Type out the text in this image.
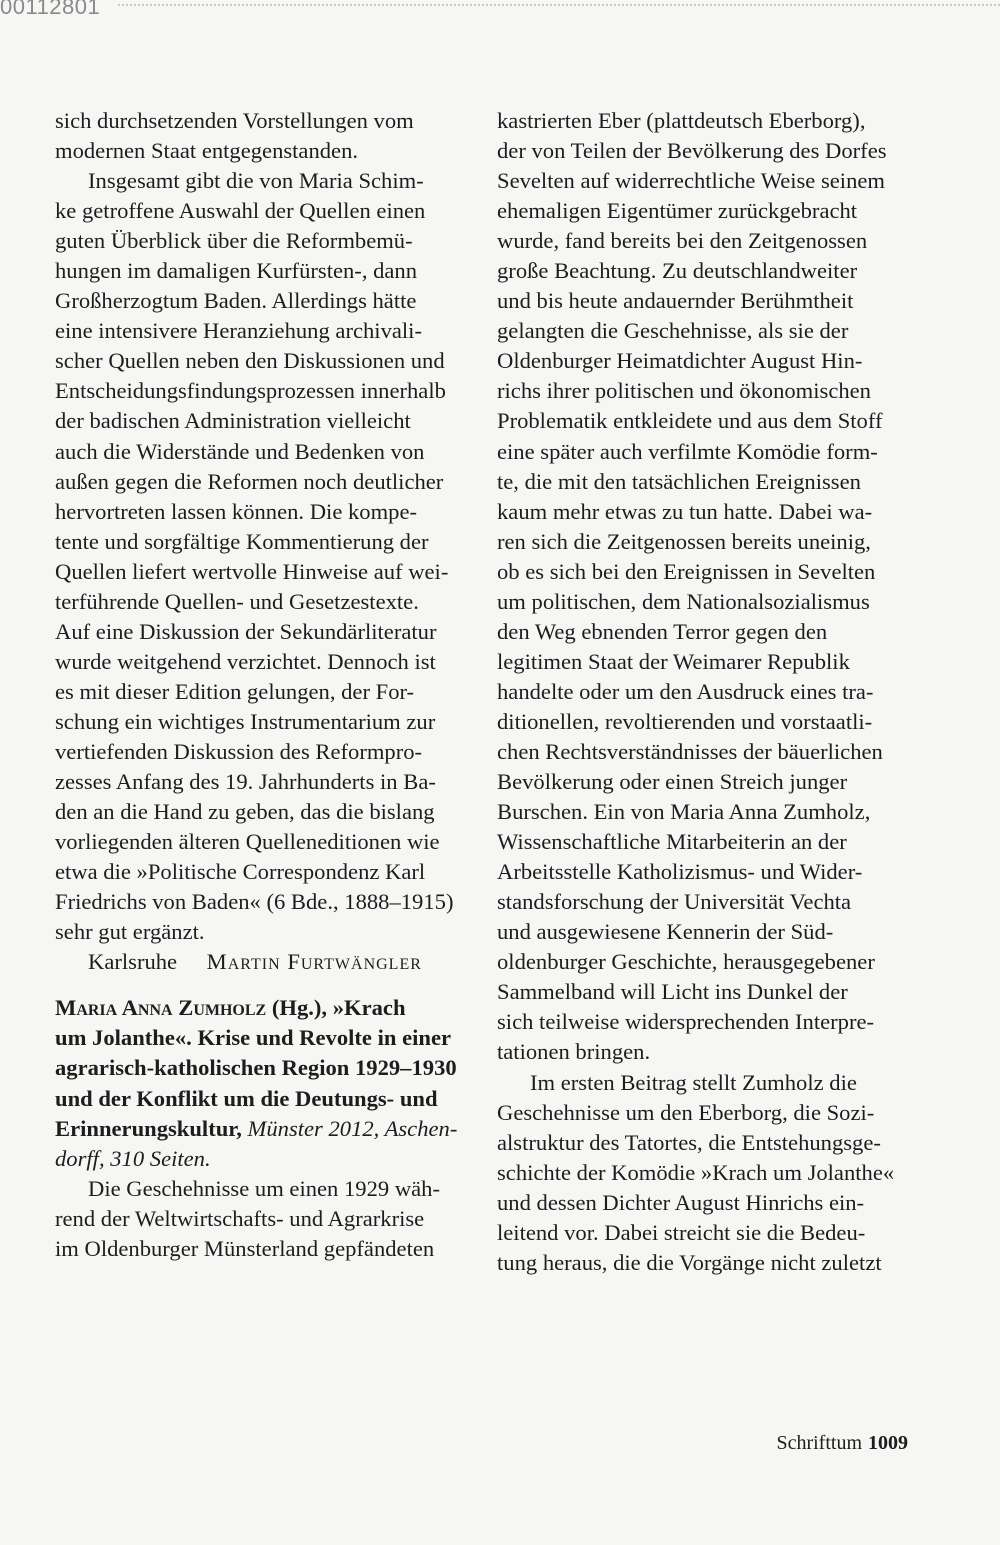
00112801
sich durchsetzenden Vorstellungen vom
modernen Staat entgegenstanden.
Insgesamt gibt die von Maria Schim-
ke getroffene Auswahl der Quellen einen
guten Überblick über die Reformbemü-
hungen im damaligen Kurfürsten-, dann
Großherzogtum Baden. Allerdings hätte
eine intensivere Heranziehung archivali-
scher Quellen neben den Diskussionen und
Entscheidungsfindungsprozessen innerhalb
der badischen Administration vielleicht
auch die Widerstände und Bedenken von
außen gegen die Reformen noch deutlicher
hervortreten lassen können. Die kompe-
tente und sorgfältige Kommentierung der
Quellen liefert wertvolle Hinweise auf wei-
terführende Quellen- und Gesetzestexte.
Auf eine Diskussion der Sekundärliteratur
wurde weitgehend verzichtet. Dennoch ist
es mit dieser Edition gelungen, der For-
schung ein wichtiges Instrumentarium zur
vertiefenden Diskussion des Reformpro-
zesses Anfang des 19. Jahrhunderts in Ba-
den an die Hand zu geben, das die bislang
vorliegenden älteren Quelleneditionen wie
etwa die »Politische Correspondenz Karl
Friedrichs von Baden« (6 Bde., 1888–1915)
sehr gut ergänzt.
Karlsruhe Martin Furtwängler
Maria Anna Zumholz (Hg.), »Krach
um Jolanthe«. Krise und Revolte in einer
agrarisch-katholischen Region 1929–1930
und der Konflikt um die Deutungs- und
Erinnerungskultur, Münster 2012, Aschen-
dorff, 310 Seiten.
Die Geschehnisse um einen 1929 wäh-
rend der Weltwirtschafts- und Agrarkrise
im Oldenburger Münsterland gepfändeten
kastrierten Eber (plattdeutsch Eberborg),
der von Teilen der Bevölkerung des Dorfes
Sevelten auf widerrechtliche Weise seinem
ehemaligen Eigentümer zurückgebracht
wurde, fand bereits bei den Zeitgenossen
große Beachtung. Zu deutschlandweiter
und bis heute andauernder Berühmtheit
gelangten die Geschehnisse, als sie der
Oldenburger Heimatdichter August Hin-
richs ihrer politischen und ökonomischen
Problematik entkleidete und aus dem Stoff
eine später auch verfilmte Komödie form-
te, die mit den tatsächlichen Ereignissen
kaum mehr etwas zu tun hatte. Dabei wa-
ren sich die Zeitgenossen bereits uneinig,
ob es sich bei den Ereignissen in Sevelten
um politischen, dem Nationalsozialismus
den Weg ebnenden Terror gegen den
legitimen Staat der Weimarer Republik
handelte oder um den Ausdruck eines tra-
ditionellen, revoltierenden und vorstaatli-
chen Rechtsverständnisses der bäuerlichen
Bevölkerung oder einen Streich junger
Burschen. Ein von Maria Anna Zumholz,
Wissenschaftliche Mitarbeiterin an der
Arbeitsstelle Katholizismus- und Wider-
standsforschung der Universität Vechta
und ausgewiesene Kennerin der Süd-
oldenburger Geschichte, herausgegebener
Sammelband will Licht ins Dunkel der
sich teilweise widersprechenden Interpre-
tationen bringen.
Im ersten Beitrag stellt Zumholz die
Geschehnisse um den Eberborg, die Sozi-
alstruktur des Tatortes, die Entstehungsge-
schichte der Komödie »Krach um Jolanthe«
und dessen Dichter August Hinrichs ein-
leitend vor. Dabei streicht sie die Bedeu-
tung heraus, die die Vorgänge nicht zuletzt
Schrifttum 1009
